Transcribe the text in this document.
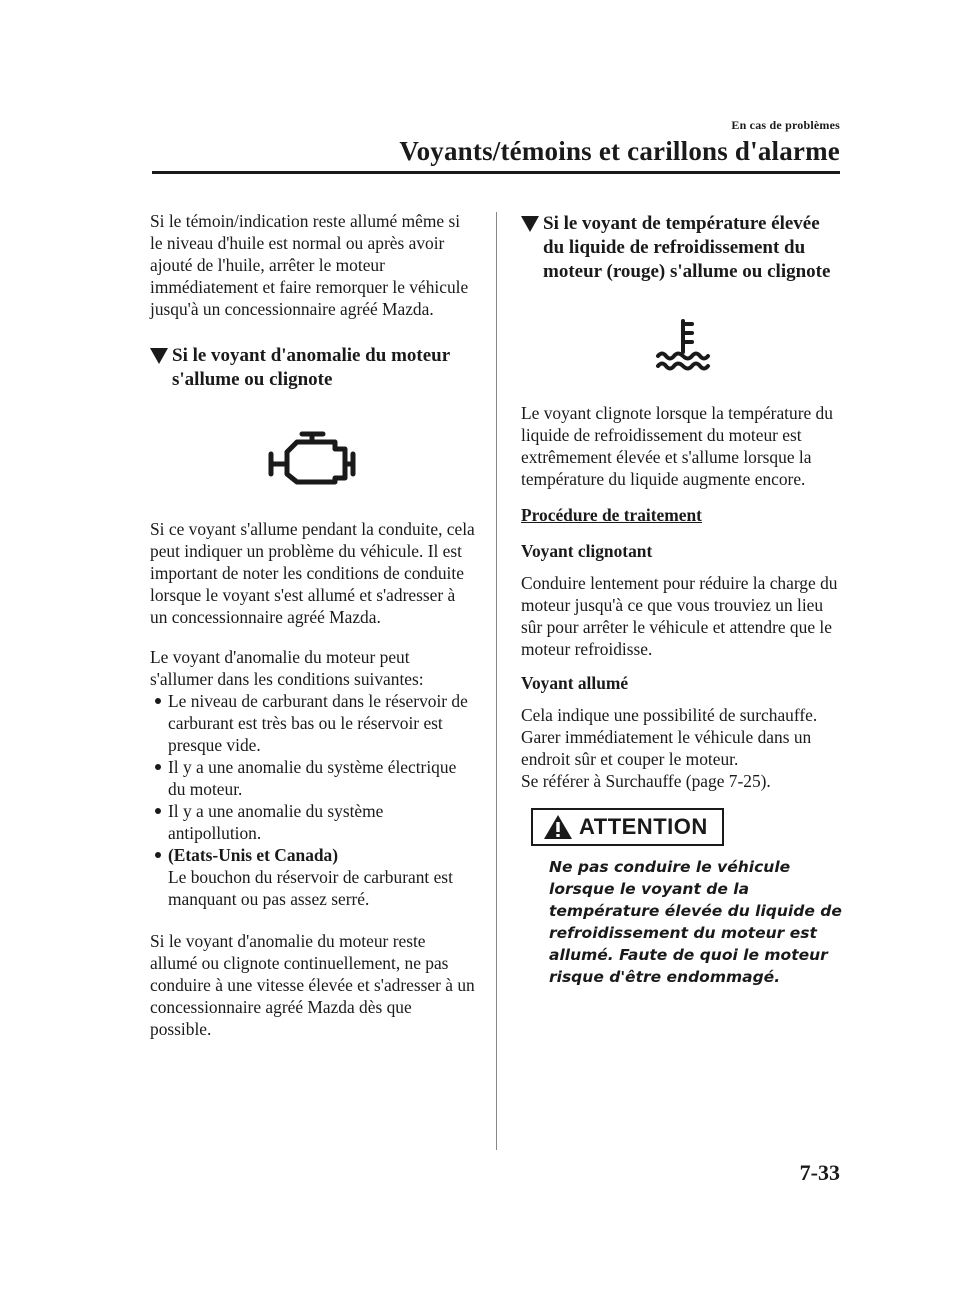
En cas de problèmes
Voyants/témoins et carillons d'alarme

Si le témoin/indication reste allumé même si le niveau d'huile est normal ou après avoir ajouté de l'huile, arrêter le moteur immédiatement et faire remorquer le véhicule jusqu'à un concessionnaire agréé Mazda.

Si le voyant d'anomalie du moteur s'allume ou clignote

Si ce voyant s'allume pendant la conduite, cela peut indiquer un problème du véhicule. Il est important de noter les conditions de conduite lorsque le voyant s'est allumé et s'adresser à un concessionnaire agréé Mazda.

Le voyant d'anomalie du moteur peut s'allumer dans les conditions suivantes:

Le niveau de carburant dans le réservoir de carburant est très bas ou le réservoir est presque vide.
Il y a une anomalie du système électrique du moteur.
Il y a une anomalie du système antipollution.
(Etats-Unis et Canada)
Le bouchon du réservoir de carburant est manquant ou pas assez serré.

Si le voyant d'anomalie du moteur reste allumé ou clignote continuellement, ne pas conduire à une vitesse élevée et s'adresser à un concessionnaire agréé Mazda dès que possible.

Si le voyant de température élevée du liquide de refroidissement du moteur (rouge) s'allume ou clignote

Le voyant clignote lorsque la température du liquide de refroidissement du moteur est extrêmement élevée et s'allume lorsque la température du liquide augmente encore.

Procédure de traitement

Voyant clignotant

Conduire lentement pour réduire la charge du moteur jusqu'à ce que vous trouviez un lieu sûr pour arrêter le véhicule et attendre que le moteur refroidisse.

Voyant allumé

Cela indique une possibilité de surchauffe. Garer immédiatement le véhicule dans un endroit sûr et couper le moteur.

Se référer à Surchauffe (page 7-25).

ATTENTION

Ne pas conduire le véhicule lorsque le voyant de la température élevée du liquide de refroidissement du moteur est allumé. Faute de quoi le moteur risque d'être endommagé.

7-33
